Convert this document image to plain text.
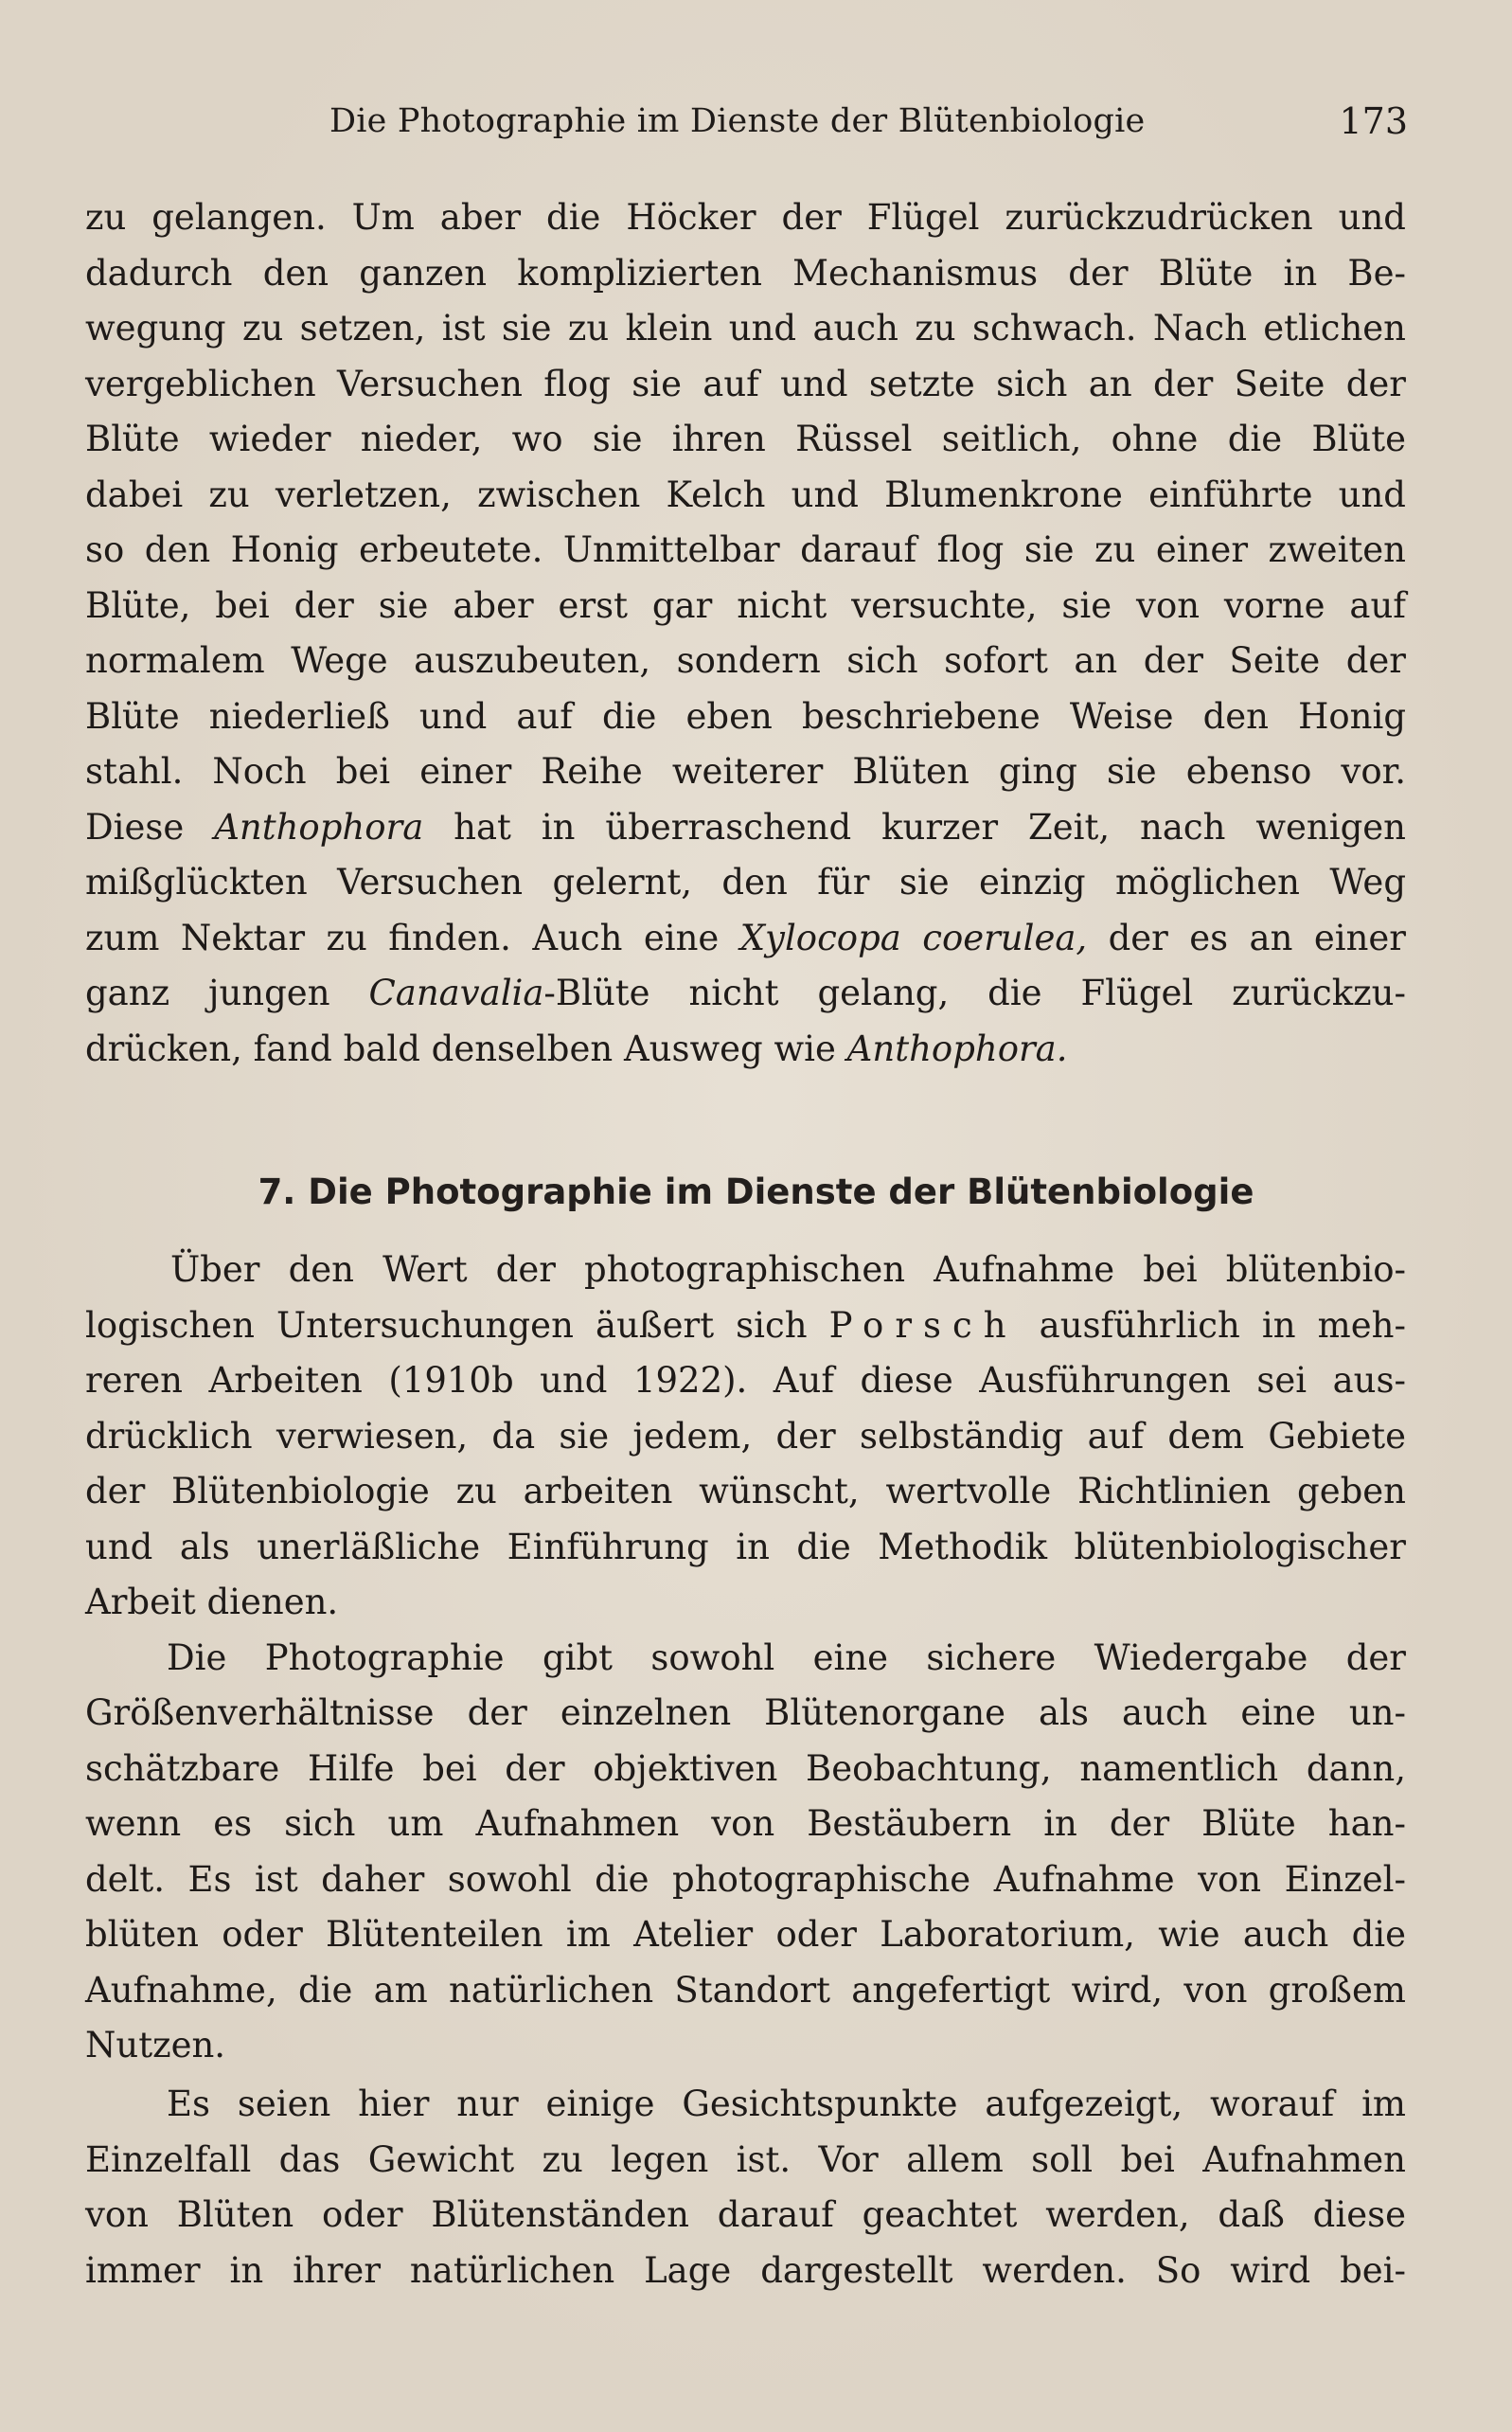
Die Photographie im Dienste der Blütenbiologie	173
zu gelangen. Um aber die Höcker der Flügel zurückzudrücken und
dadurch den ganzen komplizierten Mechanismus der Blüte in Be-
wegung zu setzen, ist sie zu klein und auch zu schwach. Nach etlichen
vergeblichen Versuchen flog sie auf und setzte sich an der Seite der
Blüte wieder nieder, wo sie ihren Rüssel seitlich, ohne die Blüte
dabei zu verletzen, zwischen Kelch und Blumenkrone einführte und
so den Honig erbeutete. Unmittelbar darauf flog sie zu einer zweiten
Blüte, bei der sie aber erst gar nicht versuchte, sie von vorne auf
normalem Wege auszubeuten, sondern sich sofort an der Seite der
Blüte niederließ und auf die eben beschriebene Weise den Honig
stahl. Noch bei einer Reihe weiterer Blüten ging sie ebenso vor.
Diese Anthophora hat in überraschend kurzer Zeit, nach wenigen
mißglückten Versuchen gelernt, den für sie einzig möglichen Weg
zum Nektar zu finden. Auch eine Xylocopa coerulea, der es an einer
ganz jungen Canavalia-Blüte nicht gelang, die Flügel zurückzu-
drücken, fand bald denselben Ausweg wie Anthophora.
7. Die Photographie im Dienste der Blütenbiologie
Über den Wert der photographischen Aufnahme bei blütenbio-
logischen Untersuchungen äußert sich Porsch ausführlich in meh-
reren Arbeiten (1910b und 1922). Auf diese Ausführungen sei aus-
drücklich verwiesen, da sie jedem, der selbständig auf dem Gebiete
der Blütenbiologie zu arbeiten wünscht, wertvolle Richtlinien geben
und als unerläßliche Einführung in die Methodik blütenbiologischer
Arbeit dienen.
Die Photographie gibt sowohl eine sichere Wiedergabe der
Größenverhältnisse der einzelnen Blütenorgane als auch eine un-
schätzbare Hilfe bei der objektiven Beobachtung, namentlich dann,
wenn es sich um Aufnahmen von Bestäubern in der Blüte han-
delt. Es ist daher sowohl die photographische Aufnahme von Einzel-
blüten oder Blütenteilen im Atelier oder Laboratorium, wie auch die
Aufnahme, die am natürlichen Standort angefertigt wird, von großem
Nutzen.
Es seien hier nur einige Gesichtspunkte aufgezeigt, worauf im
Einzelfall das Gewicht zu legen ist. Vor allem soll bei Aufnahmen
von Blüten oder Blütenständen darauf geachtet werden, daß diese
immer in ihrer natürlichen Lage dargestellt werden. So wird bei-
